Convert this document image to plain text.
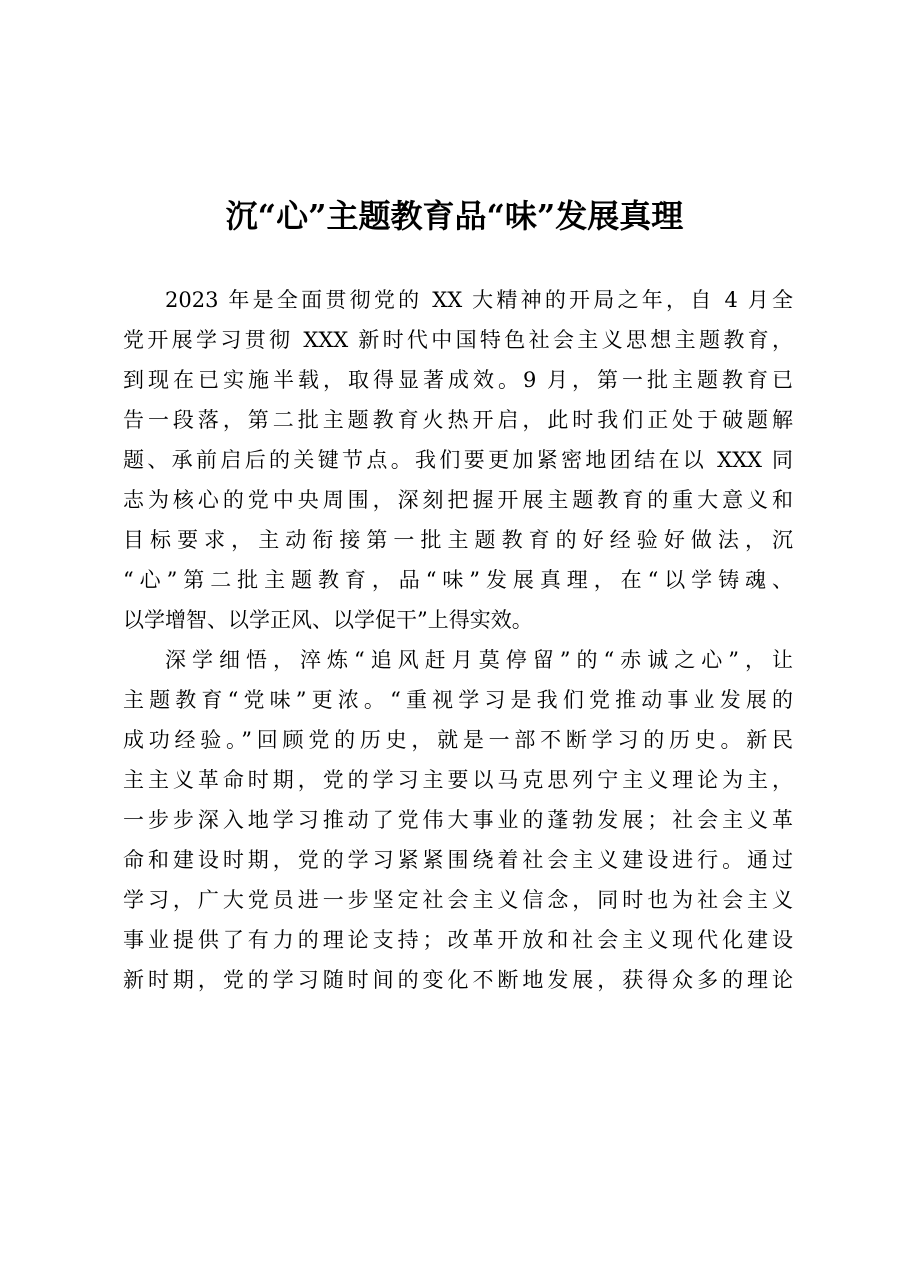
沉“心”主题教育品“味”发展真理
2023 年是全面贯彻党的 XX 大精神的开局之年，自 4 月全
党开展学习贯彻 XXX 新时代中国特色社会主义思想主题教育，
到现在已实施半载，取得显著成效。9 月，第一批主题教育已
告一段落，第二批主题教育火热开启，此时我们正处于破题解
题、承前启后的关键节点。我们要更加紧密地团结在以 XXX 同
志为核心的党中央周围，深刻把握开展主题教育的重大意义和
目标要求，主动衔接第一批主题教育的好经验好做法，沉
“心”第二批主题教育，品“味”发展真理，在“以学铸魂、
以学增智、以学正风、以学促干”上得实效。
深学细悟，淬炼“追风赶月莫停留”的“赤诚之心”，让
主题教育“党味”更浓。“重视学习是我们党推动事业发展的
成功经验。”回顾党的历史，就是一部不断学习的历史。新民
主主义革命时期，党的学习主要以马克思列宁主义理论为主，
一步步深入地学习推动了党伟大事业的蓬勃发展；社会主义革
命和建设时期，党的学习紧紧围绕着社会主义建设进行。通过
学习，广大党员进一步坚定社会主义信念，同时也为社会主义
事业提供了有力的理论支持；改革开放和社会主义现代化建设
新时期，党的学习随时间的变化不断地发展，获得众多的理论
